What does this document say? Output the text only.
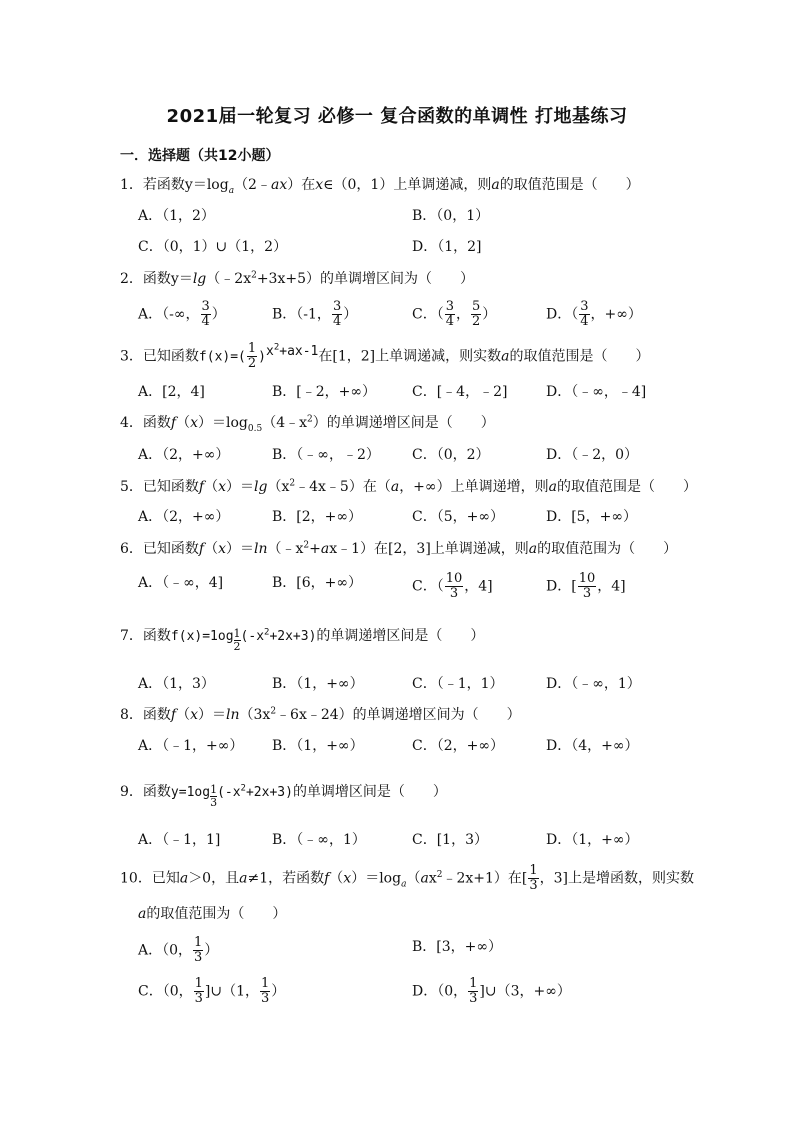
2021届一轮复习 必修一 复合函数的单调性 打地基练习
一．选择题（共12小题）
1．若函数$y=\log_a(2﹣ax)$在x∈（0，1）上单调递减，则a的取值范围是（　　）
A．（1，2）	B．（0，1）
C．（0，1）∪（1，2）	D．（1，2]
2．函数$y=\lg(﹣2x^2+3x+5)$的单调增区间为（　　）
A．（-∞， $\frac{3}{4}$ ）	B．（-1， $\frac{3}{4}$ ）	C．（ $\frac{3}{4}$ ， $\frac{5}{2}$ ）	D．（ $\frac{3}{4}$ ，+∞）
3．已知函数$f(x)=( \frac{1}{2} )^{x^2+ax-1}$在[1，2]上单调递减，则实数a的取值范围是（　　）
A．[2，4]	B．[﹣2，+∞）	C．[﹣4，﹣2]	D．（﹣∞，﹣4]
4．函数$f(x)=\log_{0.5}(4﹣x^2)$的单调递增区间是（　　）
A．（2，+∞）	B．（﹣∞，﹣2） C．（0，2）	D．（﹣2，0）
5．已知函数$f(x)=\lg(x^2﹣4x﹣5)$在（a，+∞）上单调递增，则a的取值范围是（　　）
A．（2，+∞）	B．[2，+∞）	C．（5，+∞）	D．[5，+∞）
6．已知函数$f(x)=\ln(﹣x^2+ax﹣1)$在[2，3]上单调递减，则a的取值范围为（　　）
A．（﹣∞，4]	B．[6，+∞）	C．（ $\frac{10}{3}$ ，4]	D．[ $\frac{10}{3}$ ，4]
7．函数$f(x)=1og \frac{1}{2} (-x^2+2x+3)$的单调递增区间是（　　）
A．（1，3）	B．（1，+∞）	C．（﹣1，1）	D．（﹣∞，1）
8．函数$f(x)=\ln(3x^2﹣6x﹣24)$的单调递增区间为（　　）
A．（﹣1，+∞） B．（1，+∞）	C．（2，+∞）	D．（4，+∞）
9．函数$y=1og \frac{1}{3} (-x^2+2x+3)$的单调增区间是（　　）
A．（﹣1，1]	B．（﹣∞，1）	C．[1，3）	D．（1，+∞）
10．已知a＞0，且a≠1，若函数$f(x)=\log_a(ax^2﹣2x+1)$在[ $\frac{1}{3}$ ，3]上是增函数，则实数
a的取值范围为（　　）
A．（0， $\frac{1}{3}$ ）	B．[3，+∞）
C．（0， $\frac{1}{3}$ ]∪（1， $\frac{1}{3}$ ）	D．（0， $\frac{1}{3}$ ]∪（3，+∞）
